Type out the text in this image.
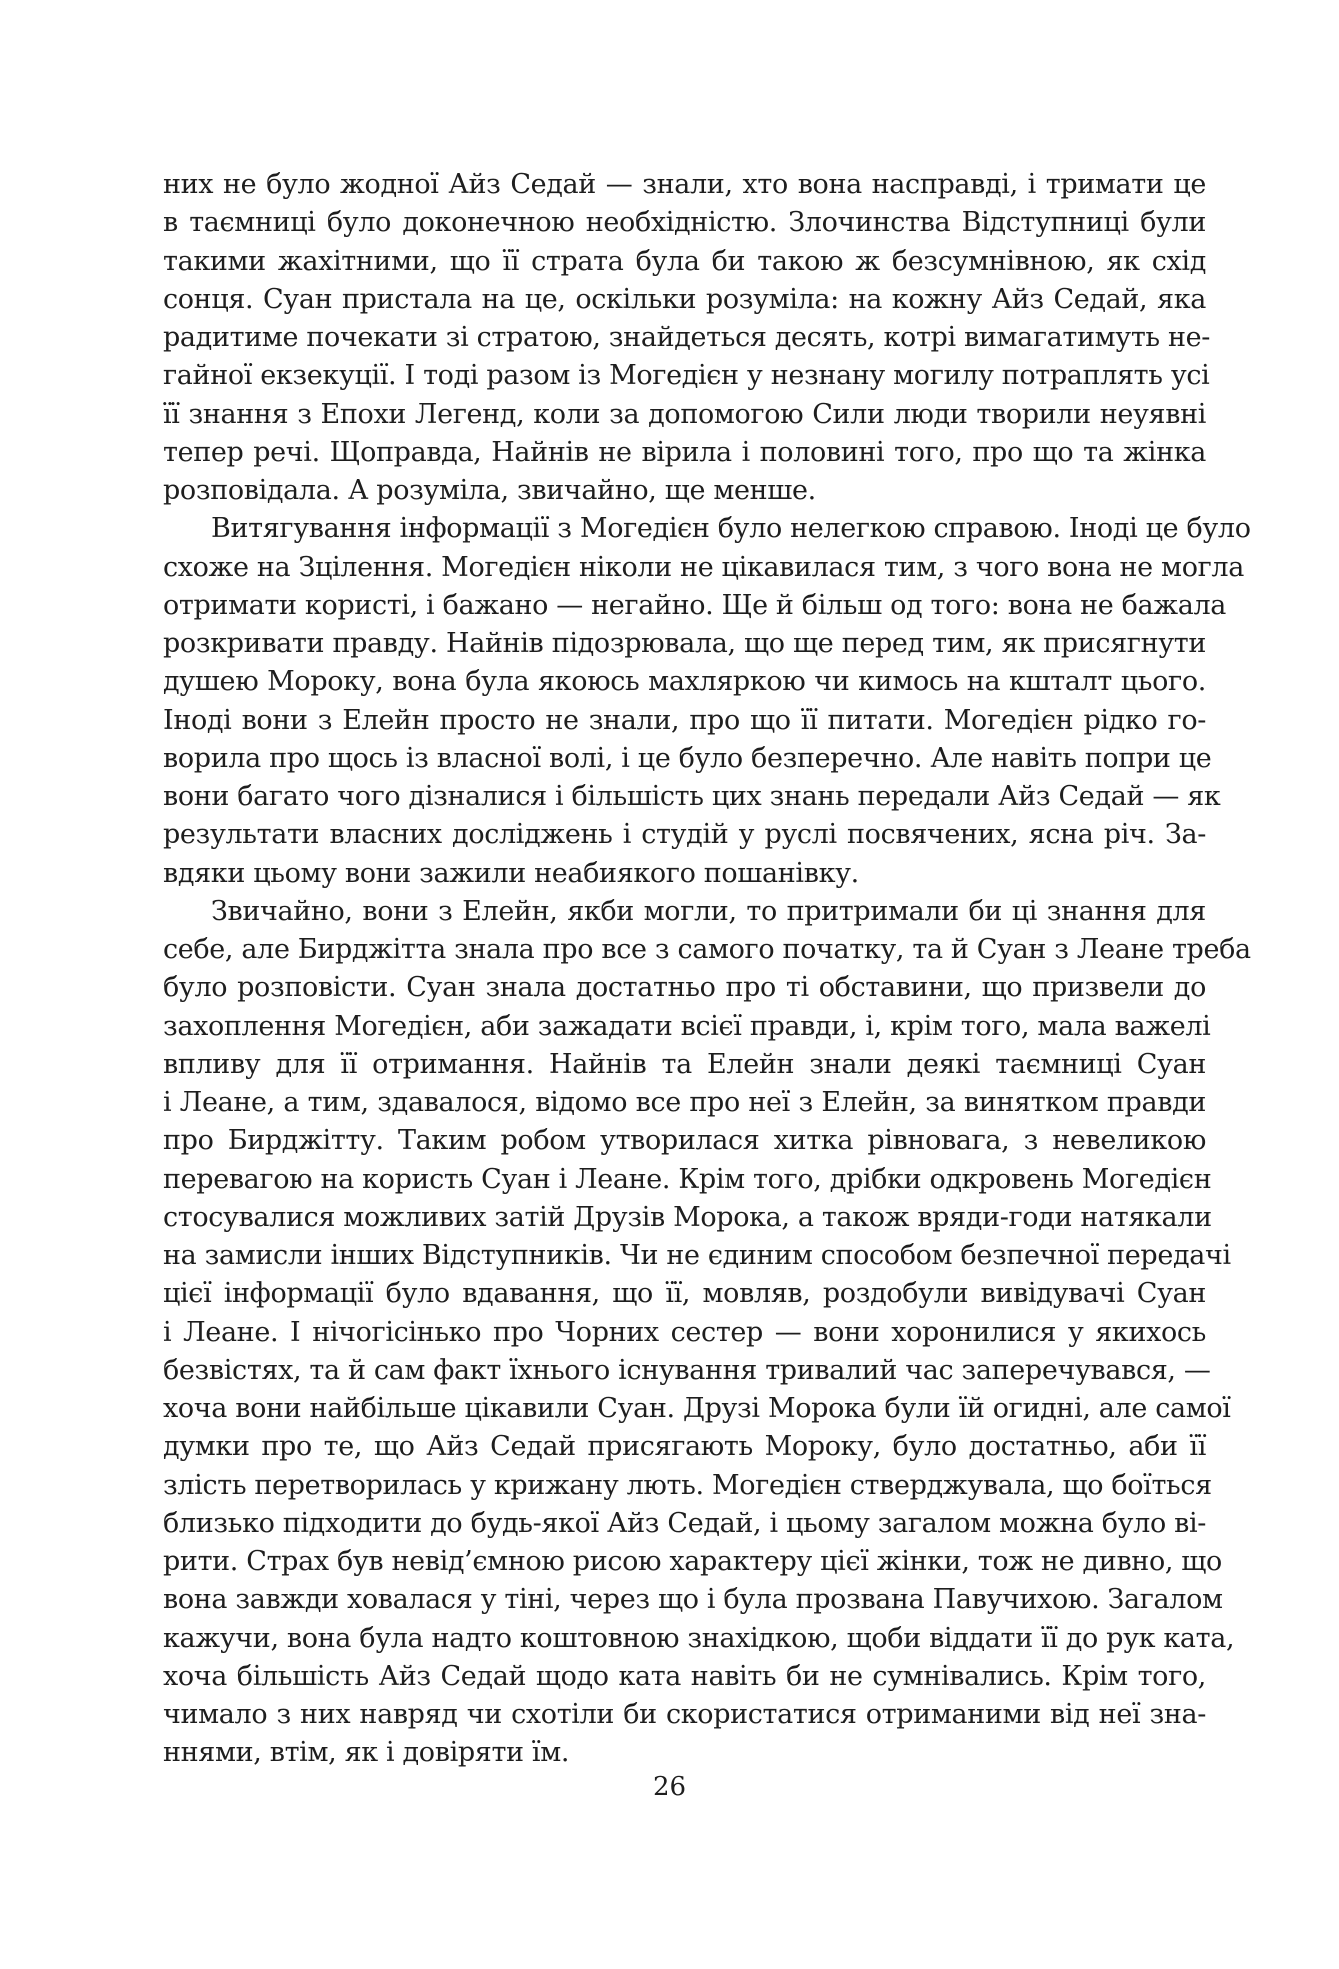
них не було жодної Айз Седай — знали, хто вона насправді, і тримати це
в таємниці було доконечною необхідністю. Злочинства Відступниці були
такими жахітними, що її страта була би такою ж безсумнівною, як схід
сонця. Суан пристала на це, оскільки розуміла: на кожну Айз Седай, яка
радитиме почекати зі стратою, знайдеться десять, котрі вимагатимуть не-
гайної екзекуції. І тоді разом із Могедієн у незнану могилу потраплять усі
її знання з Епохи Легенд, коли за допомогою Сили люди творили неуявні
тепер речі. Щоправда, Найнів не вірила і половині того, про що та жінка
розповідала. А розуміла, звичайно, ще менше.
Витягування інформації з Могедієн було нелегкою справою. Іноді це було
схоже на Зцілення. Могедієн ніколи не цікавилася тим, з чого вона не могла
отримати користі, і бажано — негайно. Ще й більш од того: вона не бажала
розкривати правду. Найнів підозрювала, що ще перед тим, як присягнути
душею Мороку, вона була якоюсь махляркою чи кимось на кшталт цього.
Іноді вони з Елейн просто не знали, про що її питати. Могедієн рідко го-
ворила про щось із власної волі, і це було безперечно. Але навіть попри це
вони багато чого дізналися і більшість цих знань передали Айз Седай — як
результати власних досліджень і студій у руслі посвячених, ясна річ. За-
вдяки цьому вони зажили неабиякого пошанівку.
Звичайно, вони з Елейн, якби могли, то притримали би ці знання для
себе, але Бирджітта знала про все з самого початку, та й Суан з Леане треба
було розповісти. Суан знала достатньо про ті обставини, що призвели до
захоплення Могедієн, аби зажадати всієї правди, і, крім того, мала важелі
впливу для її отримання. Найнів та Елейн знали деякі таємниці Суан
і Леане, а тим, здавалося, відомо все про неї з Елейн, за винятком правди
про Бирджітту. Таким робом утворилася хитка рівновага, з невеликою
перевагою на користь Суан і Леане. Крім того, дрібки одкровень Могедієн
стосувалися можливих затій Друзів Морока, а також вряди-годи натякали
на замисли інших Відступників. Чи не єдиним способом безпечної передачі
цієї інформації було вдавання, що її, мовляв, роздобули вивідувачі Суан
і Леане. І нічогісінько про Чорних сестер — вони хоронилися у якихось
безвістях, та й сам факт їхнього існування тривалий час заперечувався, —
хоча вони найбільше цікавили Суан. Друзі Морока були їй огидні, але самої
думки про те, що Айз Седай присягають Мороку, було достатньо, аби її
злість перетворилась у крижану лють. Могедієн стверджувала, що боїться
близько підходити до будь-якої Айз Седай, і цьому загалом можна було ві-
рити. Страх був невід’ємною рисою характеру цієї жінки, тож не дивно, що
вона завжди ховалася у тіні, через що і була прозвана Павучихою. Загалом
кажучи, вона була надто коштовною знахідкою, щоби віддати її до рук ката,
хоча більшість Айз Седай щодо ката навіть би не сумнівались. Крім того,
чимало з них навряд чи схотіли би скористатися отриманими від неї зна-
ннями, втім, як і довіряти їм.
26
